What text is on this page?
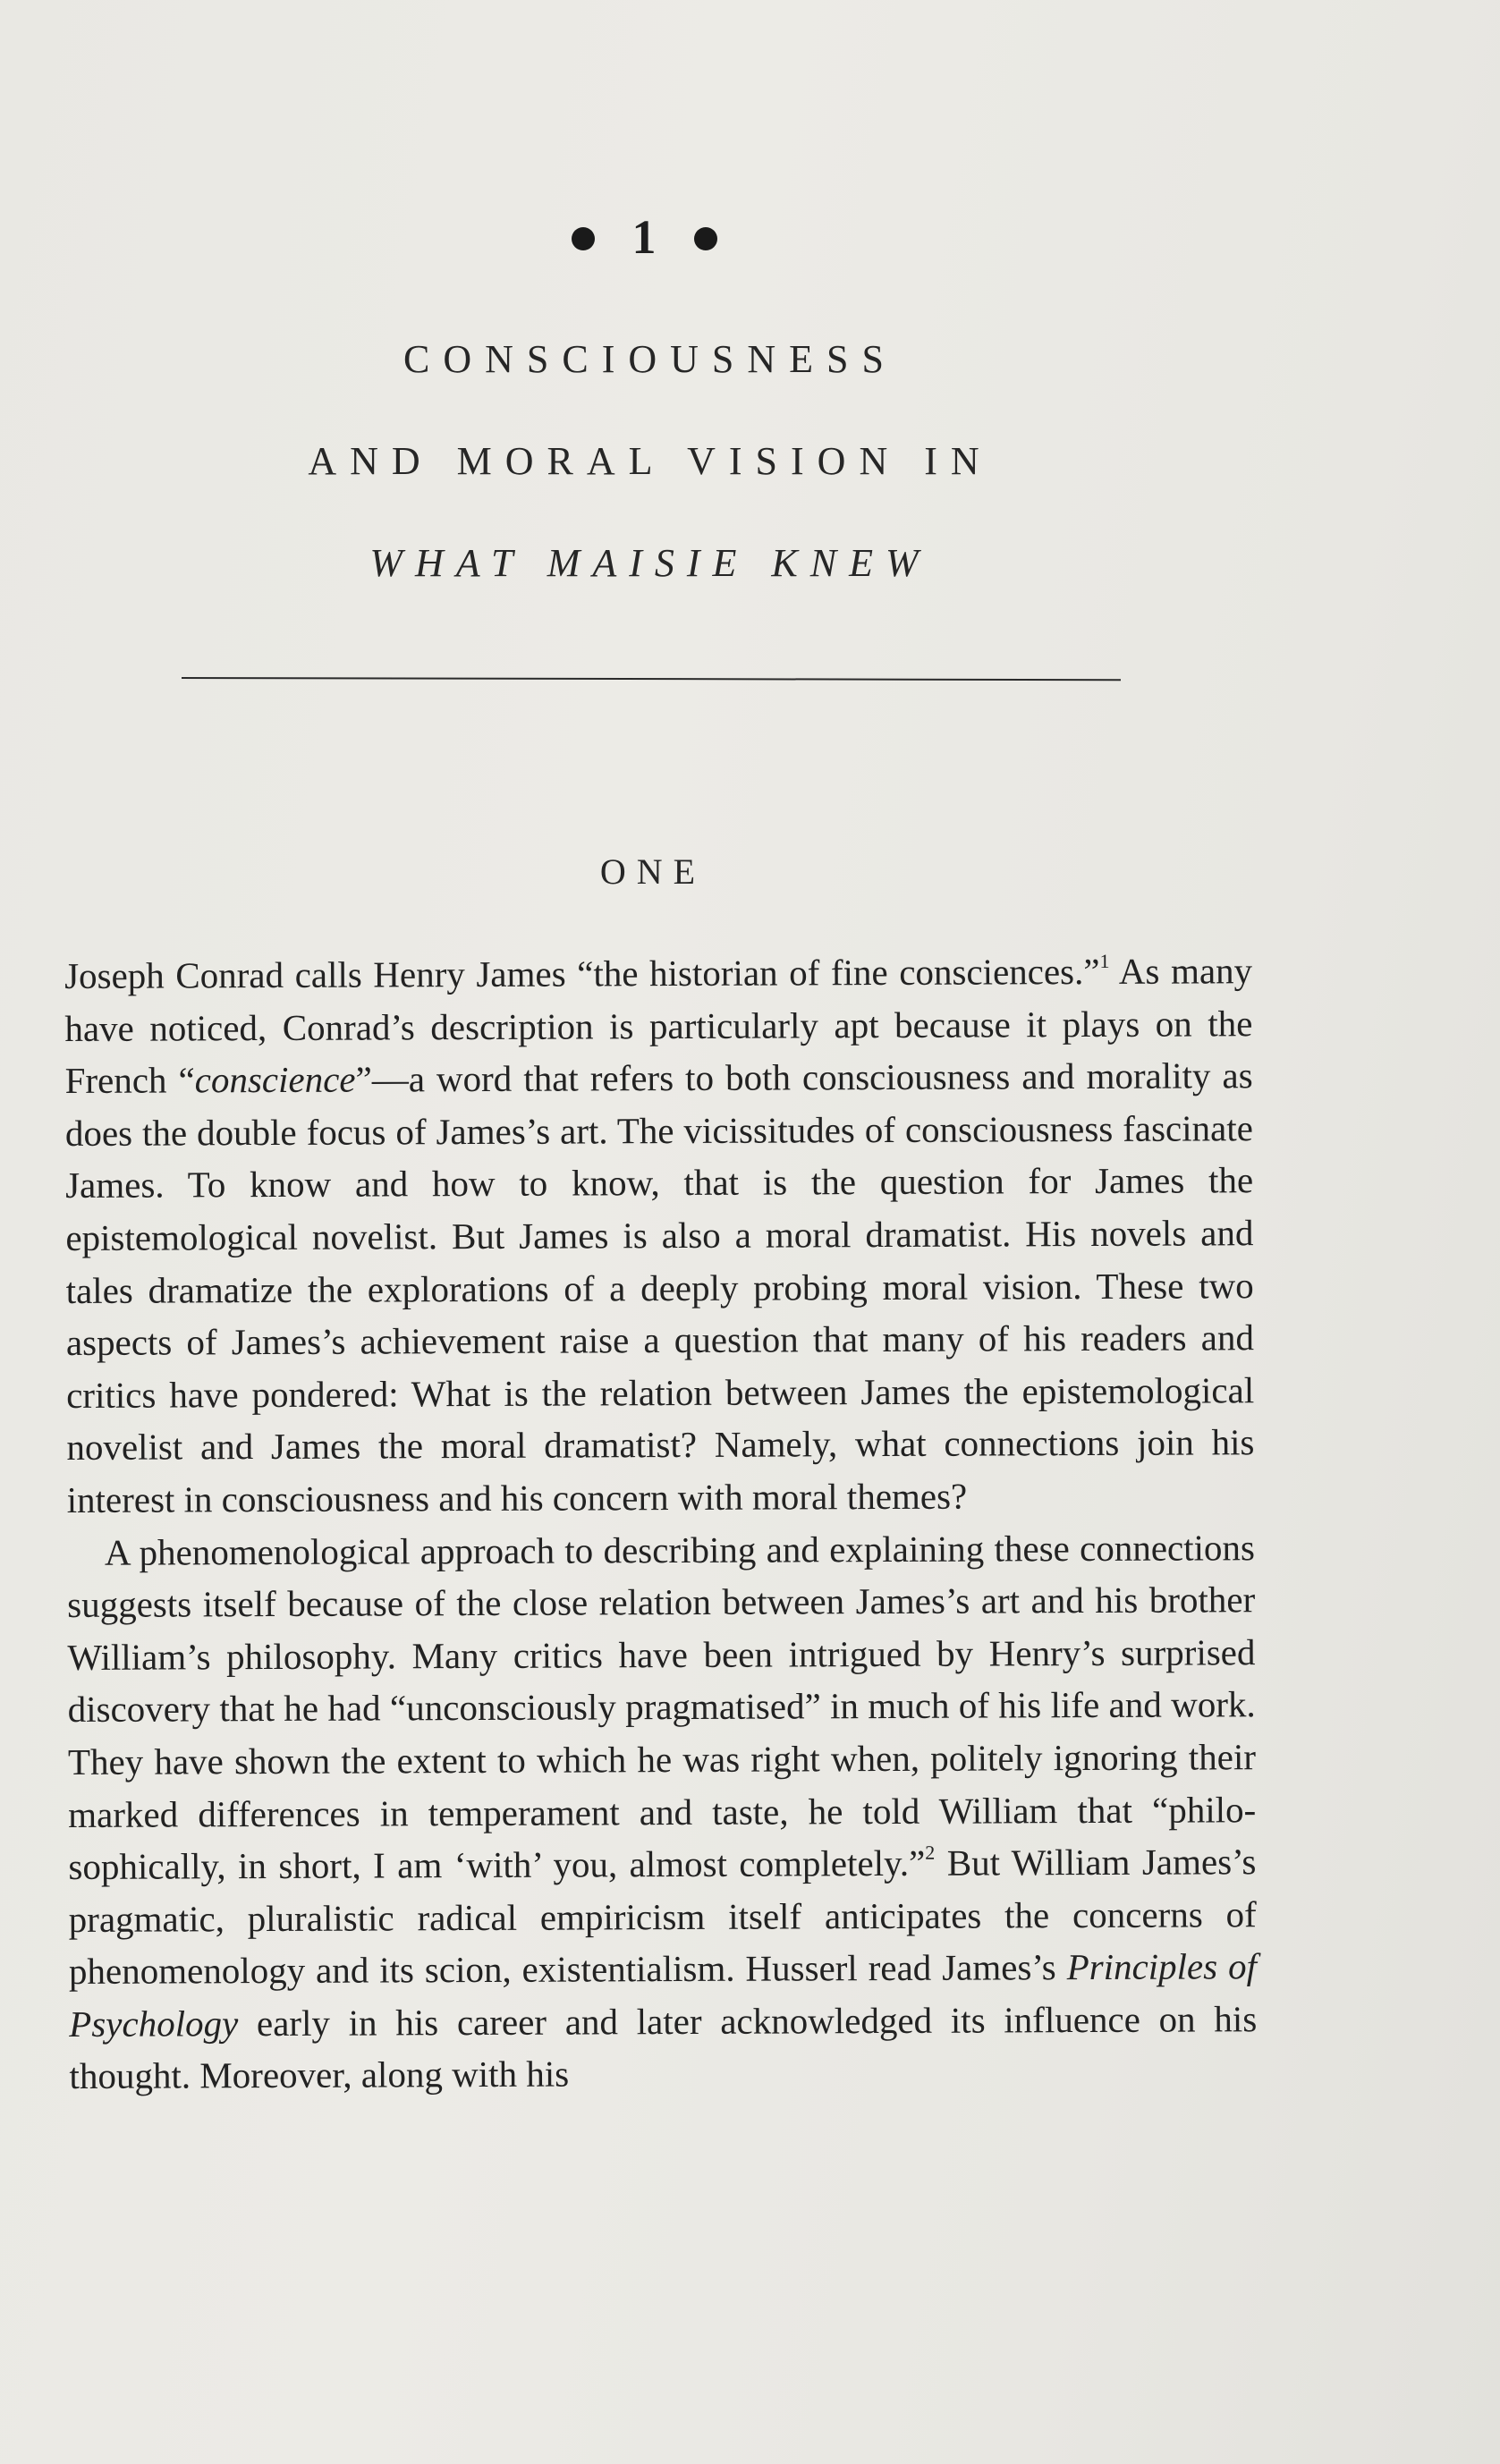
1
CONSCIOUSNESS
AND MORAL VISION IN
WHAT MAISIE KNEW
ONE

Joseph Conrad calls Henry James “the historian of fine consciences.”$^1$ As many have noticed, Conrad’s description is particularly apt because it plays on the French “conscience”—a word that refers to both consciousness and morality as does the double focus of James’s art. The vicissitudes of consciousness fascinate James. To know and how to know, that is the question for James the epistemological novelist. But James is also a moral dramatist. His novels and tales dramatize the explorations of a deeply probing moral vision. These two aspects of James’s achievement raise a question that many of his readers and critics have pondered: What is the relation between James the epistemological novelist and James the moral dramatist? Namely, what connections join his interest in consciousness and his concern with moral themes?

A phenomenological approach to describing and explaining these connections suggests itself because of the close relation between James’s art and his brother William’s philosophy. Many critics have been intrigued by Henry’s surprised discovery that he had “unconsciously pragmatised” in much of his life and work. They have shown the extent to which he was right when, politely ignoring their marked differences in temperament and taste, he told William that “philosophically, in short, I am ‘with’ you, almost completely.”$^2$ But William James’s pragmatic, pluralistic radical empiricism itself anticipates the concerns of phenomenology and its scion, existentialism. Husserl read James’s Principles of Psychology early in his career and later acknowledged its influence on his thought. Moreover, along with his
